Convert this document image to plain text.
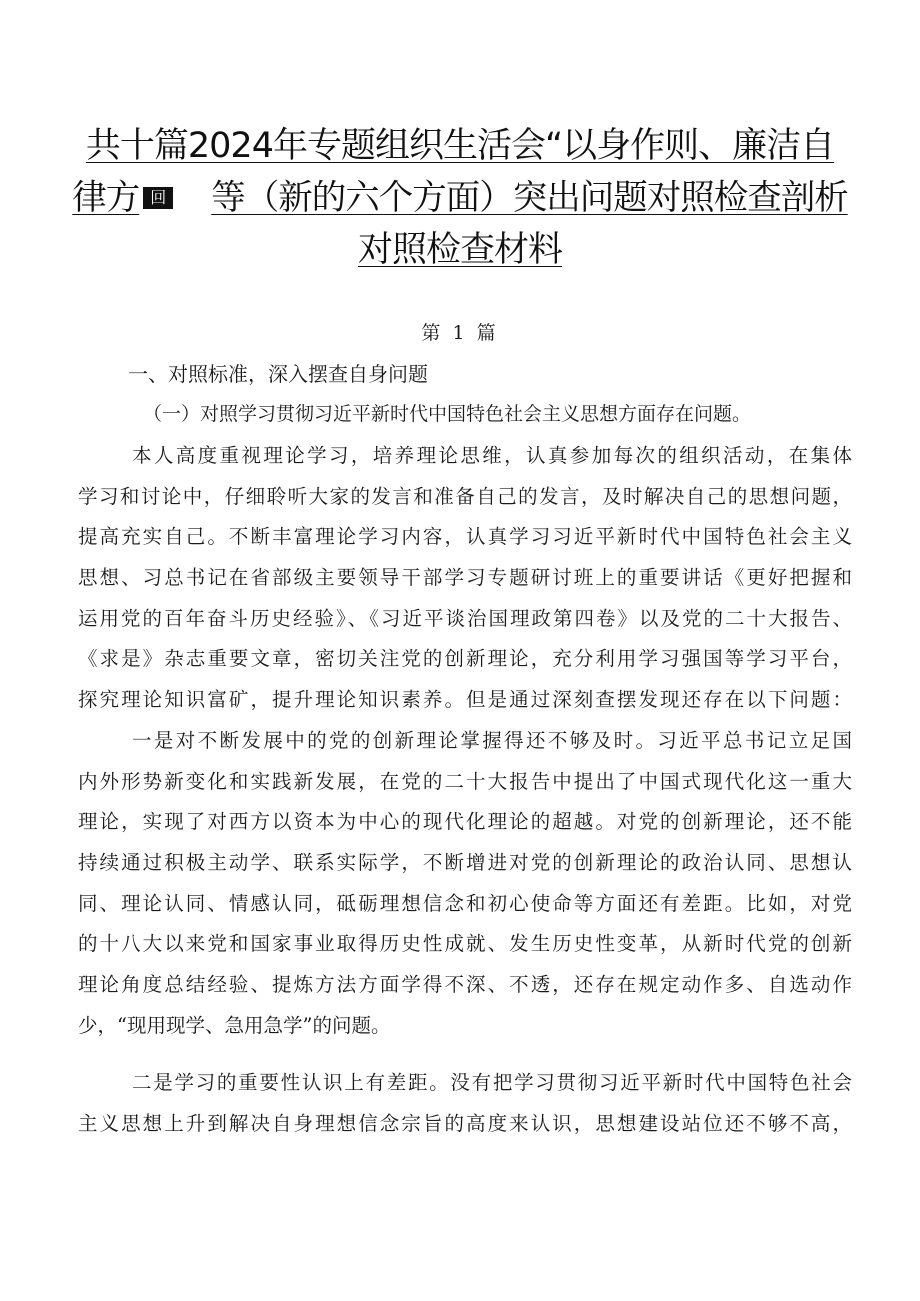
共十篇2024年专题组织生活会“以身作则、廉洁自
律方 回 等（新的六个方面）突出问题对照检查剖析
对照检查材料
第 1 篇
一、对照标准，深入摆查自身问题
（一）对照学习贯彻习近平新时代中国特色社会主义思想方面存在问题。
本人高度重视理论学习，培养理论思维，认真参加每次的组织活动，在集体
学习和讨论中，仔细聆听大家的发言和准备自己的发言，及时解决自己的思想问题，
提高充实自己。不断丰富理论学习内容，认真学习习近平新时代中国特色社会主义
思想、习总书记在省部级主要领导干部学习专题研讨班上的重要讲话《更好把握和
运用党的百年奋斗历史经验》、《习近平谈治国理政第四卷》以及党的二十大报告、
《求是》杂志重要文章，密切关注党的创新理论，充分利用学习强国等学习平台，
探究理论知识富矿，提升理论知识素养。但是通过深刻查摆发现还存在以下问题：
一是对不断发展中的党的创新理论掌握得还不够及时。习近平总书记立足国
内外形势新变化和实践新发展，在党的二十大报告中提出了中国式现代化这一重大
理论，实现了对西方以资本为中心的现代化理论的超越。对党的创新理论，还不能
持续通过积极主动学、联系实际学，不断增进对党的创新理论的政治认同、思想认
同、理论认同、情感认同，砥砺理想信念和初心使命等方面还有差距。比如，对党
的十八大以来党和国家事业取得历史性成就、发生历史性变革，从新时代党的创新
理论角度总结经验、提炼方法方面学得不深、不透，还存在规定动作多、自选动作
少，“现用现学、急用急学”的问题。
二是学习的重要性认识上有差距。没有把学习贯彻习近平新时代中国特色社会
主义思想上升到解决自身理想信念宗旨的高度来认识，思想建设站位还不够不高，
